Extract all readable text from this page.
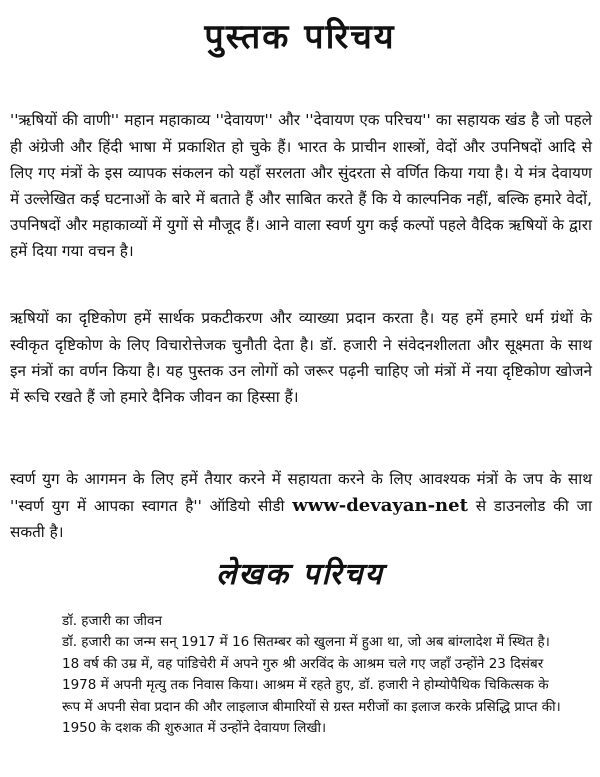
पुस्तक परिचय

''ऋषियों की वाणी'' महान महाकाव्य ''देवायण'' और ''देवायण एक परिचय'' का सहायक खंड है जो पहले ही अंग्रेजी और हिंदी भाषा में प्रकाशित हो चुके हैं। भारत के प्राचीन शास्त्रों, वेदों और उपनिषदों आदि से लिए गए मंत्रों के इस व्यापक संकलन को यहाँ सरलता और सुंदरता से वर्णित किया गया है। ये मंत्र देवायण में उल्लेखित कई घटनाओं के बारे में बताते हैं और साबित करते हैं कि ये काल्पनिक नहीं, बल्कि हमारे वेदों, उपनिषदों और महाकाव्यों में युगों से मौजूद हैं। आने वाला स्वर्ण युग कई कल्पों पहले वैदिक ऋषियों के द्वारा हमें दिया गया वचन है।

ऋषियों का दृष्टिकोण हमें सार्थक प्रकटीकरण और व्याख्या प्रदान करता है। यह हमें हमारे धर्म ग्रंथों के स्वीकृत दृष्टिकोण के लिए विचारोत्तेजक चुनौती देता है। डॉ. हजारी ने संवेदनशीलता और सूक्ष्मता के साथ इन मंत्रों का वर्णन किया है। यह पुस्तक उन लोगों को जरूर पढ़नी चाहिए जो मंत्रों में नया दृष्टिकोण खोजने में रूचि रखते हैं जो हमारे दैनिक जीवन का हिस्सा हैं।

स्वर्ण युग के आगमन के लिए हमें तैयार करने में सहायता करने के लिए आवश्यक मंत्रों के जप के साथ ''स्वर्ण युग में आपका स्वागत है'' ऑडियो सीडी www-devayan-net से डाउनलोड की जा सकती है।

लेखक परिचय
डॉ. हजारी का जीवन
डॉ. हजारी का जन्म सन् 1917 में 16 सितम्बर को खुलना में हुआ था, जो अब बांग्लादेश में स्थित है। 18 वर्ष की उम्र में, वह पांडिचेरी में अपने गुरु श्री अरविंद के आश्रम चले गए जहाँ उन्होंने 23 दिसंबर 1978 में अपनी मृत्यु तक निवास किया। आश्रम में रहते हुए, डॉ. हजारी ने होम्योपैथिक चिकित्सक के रूप में अपनी सेवा प्रदान की और लाइलाज बीमारियों से ग्रस्त मरीजों का इलाज करके प्रसिद्धि प्राप्त की। 1950 के दशक की शुरुआत में उन्होंने देवायण लिखी।
